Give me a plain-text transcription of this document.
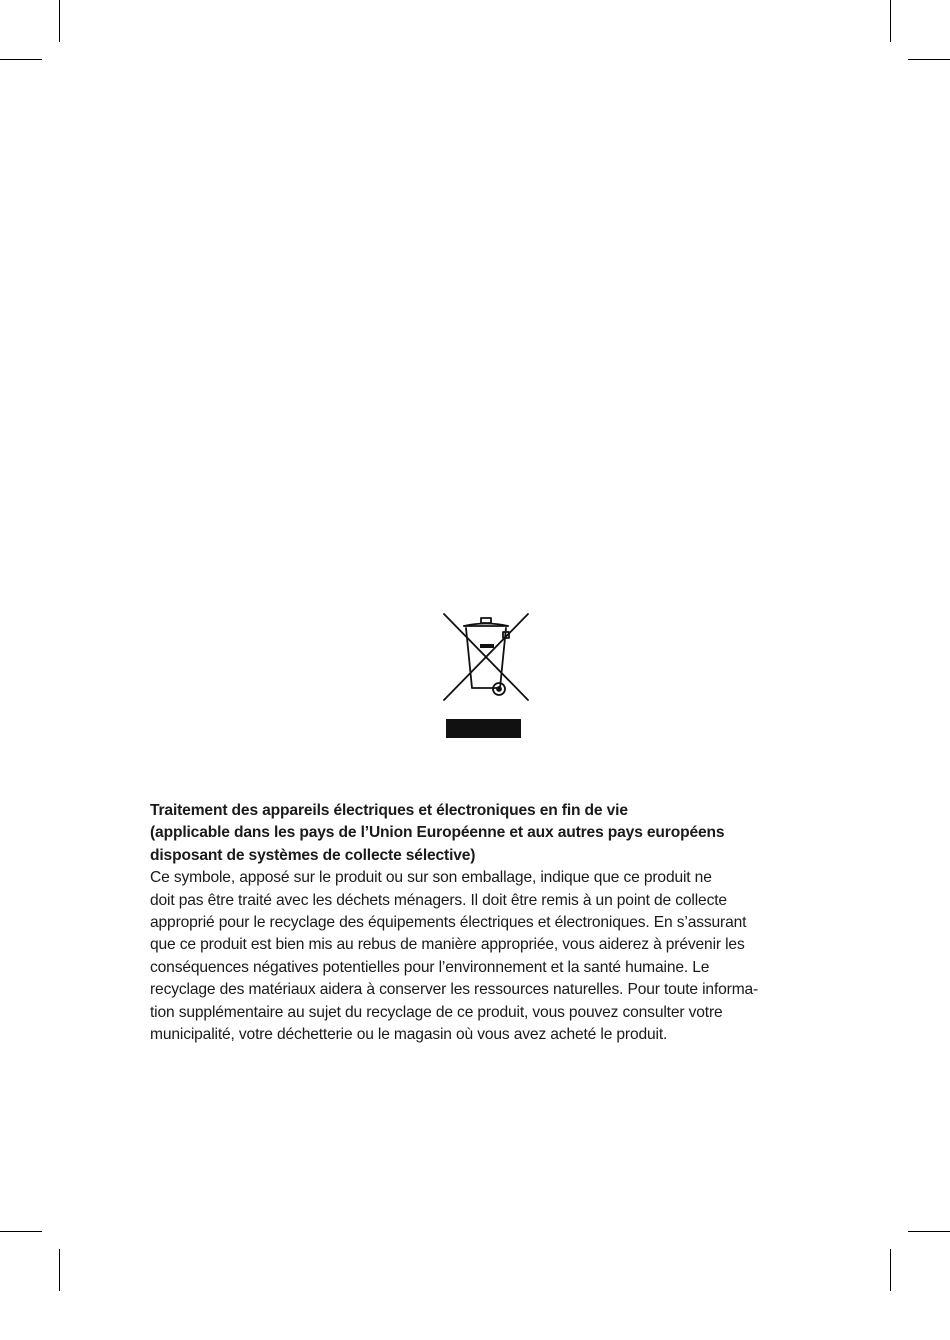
Traitement des appareils électriques et électroniques en fin de vie
(applicable dans les pays de l’Union Européenne et aux autres pays européens
disposant de systèmes de collecte sélective)

Ce symbole, apposé sur le produit ou sur son emballage, indique que ce produit ne
doit pas être traité avec les déchets ménagers. Il doit être remis à un point de collecte
approprié pour le recyclage des équipements électriques et électroniques. En s’assurant
que ce produit est bien mis au rebus de manière appropriée, vous aiderez à prévenir les
conséquences négatives potentielles pour l’environnement et la santé humaine. Le
recyclage des matériaux aidera à conserver les ressources naturelles. Pour toute informa-
tion supplémentaire au sujet du recyclage de ce produit, vous pouvez consulter votre
municipalité, votre déchetterie ou le magasin où vous avez acheté le produit.
